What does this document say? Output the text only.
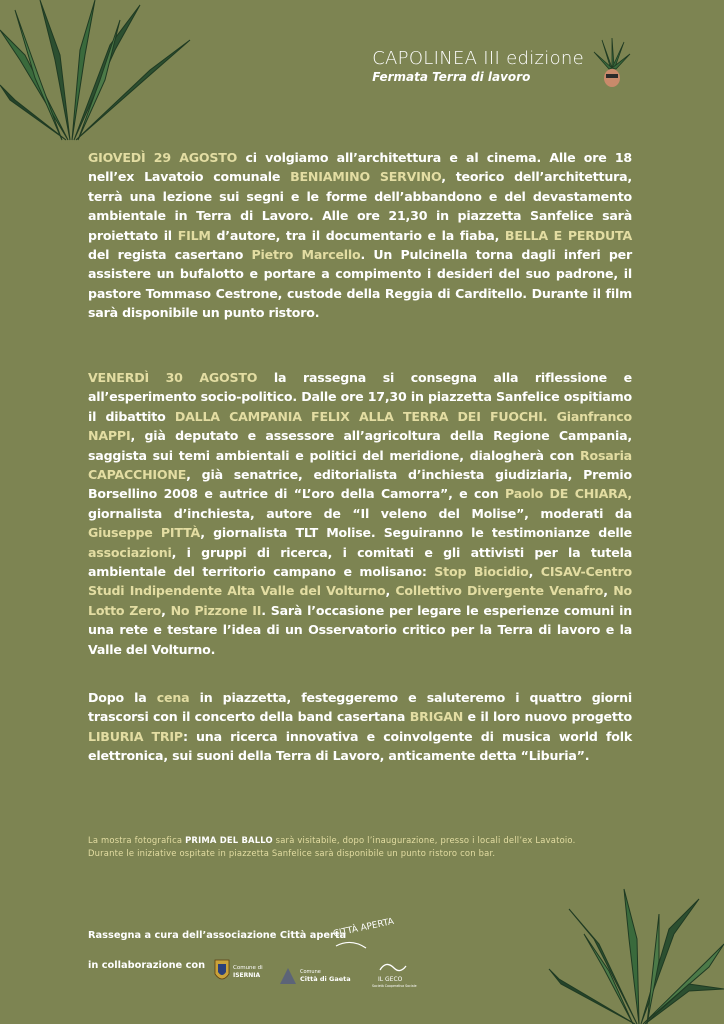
CAPOLINEA III edizione
Fermata Terra di lavoro
GIOVEDÌ 29 AGOSTO ci volgiamo all’architettura e al cinema. Alle ore 18 nell’ex Lavatoio comunale BENIAMINO SERVINO, teorico dell’architettura, terrà una lezione sui segni e le forme dell’abbandono e del devastamento ambientale in Terra di Lavoro. Alle ore 21,30 in piazzetta Sanfelice sarà proiettato il FILM d’autore, tra il documentario e la fiaba, BELLA E PERDUTA del regista casertano Pietro Marcello. Un Pulcinella torna dagli inferi per assistere un bufalotto e portare a compimento i desideri del suo padrone, il pastore Tommaso Cestrone, custode della Reggia di Carditello. Durante il film sarà disponibile un punto ristoro.
VENERDÌ 30 AGOSTO la rassegna si consegna alla riflessione e all’esperimento socio-politico. Dalle ore 17,30 in piazzetta Sanfelice ospitiamo il dibattito DALLA CAMPANIA FELIX ALLA TERRA DEI FUOCHI. Gianfranco NAPPI, già deputato e assessore all’agricoltura della Regione Campania, saggista sui temi ambientali e politici del meridione, dialogherà con Rosaria CAPACCHIONE, già senatrice, editorialista d’inchiesta giudiziaria, Premio Borsellino 2008 e autrice di “L’oro della Camorra”, e con Paolo DE CHIARA, giornalista d’inchiesta, autore de “Il veleno del Molise”, moderati da Giuseppe PITTÀ, giornalista TLT Molise. Seguiranno le testimonianze delle associazioni, i gruppi di ricerca, i comitati e gli attivisti per la tutela ambientale del territorio campano e molisano: Stop Biocidio, CISAV-Centro Studi Indipendente Alta Valle del Volturno, Collettivo Divergente Venafro, No Lotto Zero, No Pizzone II. Sarà l’occasione per legare le esperienze comuni in una rete e testare l’idea di un Osservatorio critico per la Terra di lavoro e la Valle del Volturno.
Dopo la cena in piazzetta, festeggeremo e saluteremo i quattro giorni trascorsi con il concerto della band casertana BRIGAN e il loro nuovo progetto LIBURIA TRIP: una ricerca innovativa e coinvolgente di musica world folk elettronica, sui suoni della Terra di Lavoro, anticamente detta “Liburia”.
La mostra fotografica PRIMA DEL BALLO sarà visitabile, dopo l’inaugurazione, presso i locali dell’ex Lavatoio.
Durante le iniziative ospitate in piazzetta Sanfelice sarà disponibile un punto ristoro con bar.
Rassegna a cura dell’associazione Città aperta
in collaborazione con
CITTÀ APERTA
Comune di
ISERNIA	Comune
Città di Gaeta	IL GECO
Società Cooperativa Sociale
